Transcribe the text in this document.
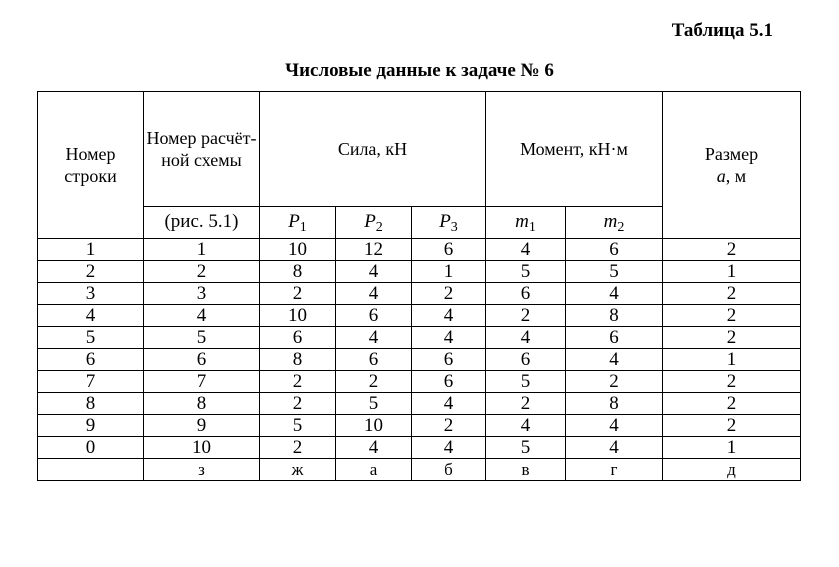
Таблица 5.1
Числовые данные к задаче № 6
Номер строки	Номер расчёт-ной схемы	Сила, кН			Момент, кН·м		Размер
a, м

	(рис. 5.1)	$P_1$	$P_2$	$P_3$	$m_1$	$m_2$
1	1	10	12	6	4	6	2
2	2	8	4	1	5	5	1
3	3	2	4	2	6	4	2
4	4	10	6	4	2	8	2
5	5	6	4	4	4	6	2
6	6	8	6	6	6	4	1
7	7	2	2	6	5	2	2
8	8	2	5	4	2	8	2
9	9	5	10	2	4	4	2
0	10	2	4	4	5	4	1
	з	ж	а	б	в	г	д
